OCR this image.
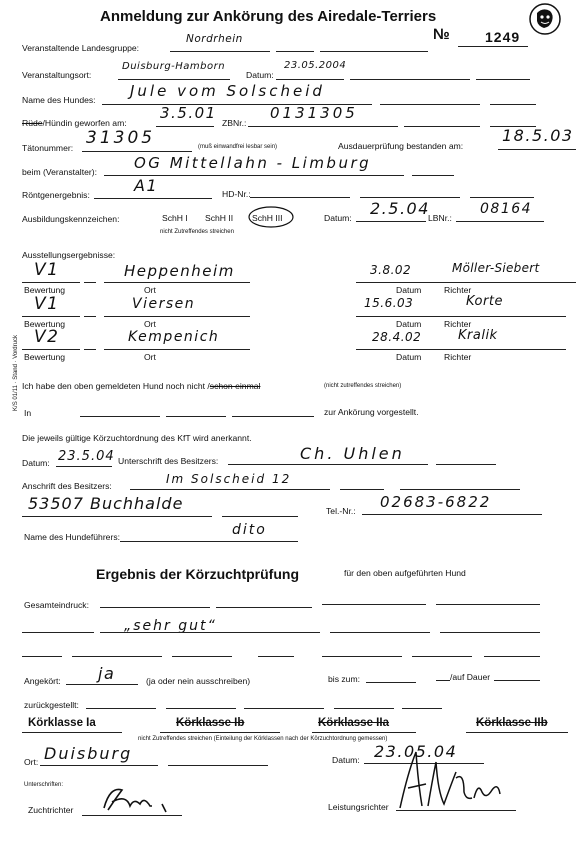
K/S 01/11 · Stand · Vordruck
Anmeldung zur Ankörung des Airedale-Terriers
№	1249
Veranstaltende Landesgruppe:
Nordrhein
Veranstaltungsort:
Duisburg-Hamborn
Datum:
23.05.2004
Name des Hundes: Jule vom Solscheid
Rüde/Hündin geworfen am:
3.5.01
ZBNr.:
0131305
Tätonummer: 31305	(muß einwandfrei lesbar sein)	Ausdauerprüfung bestanden am:
18.5.03
beim (Veranstalter): OG Mittellahn - Limburg
Röntgenergebnis:	A1	HD-Nr.:
Ausbildungskennzeichen:	SchH I SchH II SchH III
nicht Zutreffendes streichen
Datum: 2.5.04
LBNr.:
08164
Ausstellungsergebnisse:
V1	Heppenheim	3.8.02	Möller-Siebert
Bewertung	Ort	Datum	Richter
V1	Viersen	15.6.03	Korte
Bewertung	Ort	Datum	Richter
V2	Kempenich	28.4.02	Kralik
Bewertung	Ort	Datum	Richter
Ich habe den oben gemeldeten Hund noch nicht /schon einmal	(nicht zutreffendes streichen)
In	zur Ankörung vorgestellt.
Die jeweils gültige Körzuchtordnung des KfT wird anerkannt.
Datum: 23.5.04 Unterschrift des Besitzers:	Ch. Uhlen
Anschrift des Besitzers:	Im Solscheid 12
53507 Buchhalde	Tel.-Nr.: 02683-6822
Name des Hundeführers:	dito
Ergebnis der Körzuchtprüfung	für den oben aufgeführten Hund
Gesamteindruck:
„sehr gut“
Angekört: ja	(ja oder nein ausschreiben)	bis zum:	/auf Dauer
zurückgestellt:
Körklasse Ia	Körklasse Ib	Körklasse IIa	Körklasse IIb
nicht Zutreffendes streichen (Einteilung der Körklassen nach der Körzuchtordnung gemessen)
Ort: Duisburg	Datum: 23.05.04
Unterschriften:
Zuchtrichter	Leistungsrichter
